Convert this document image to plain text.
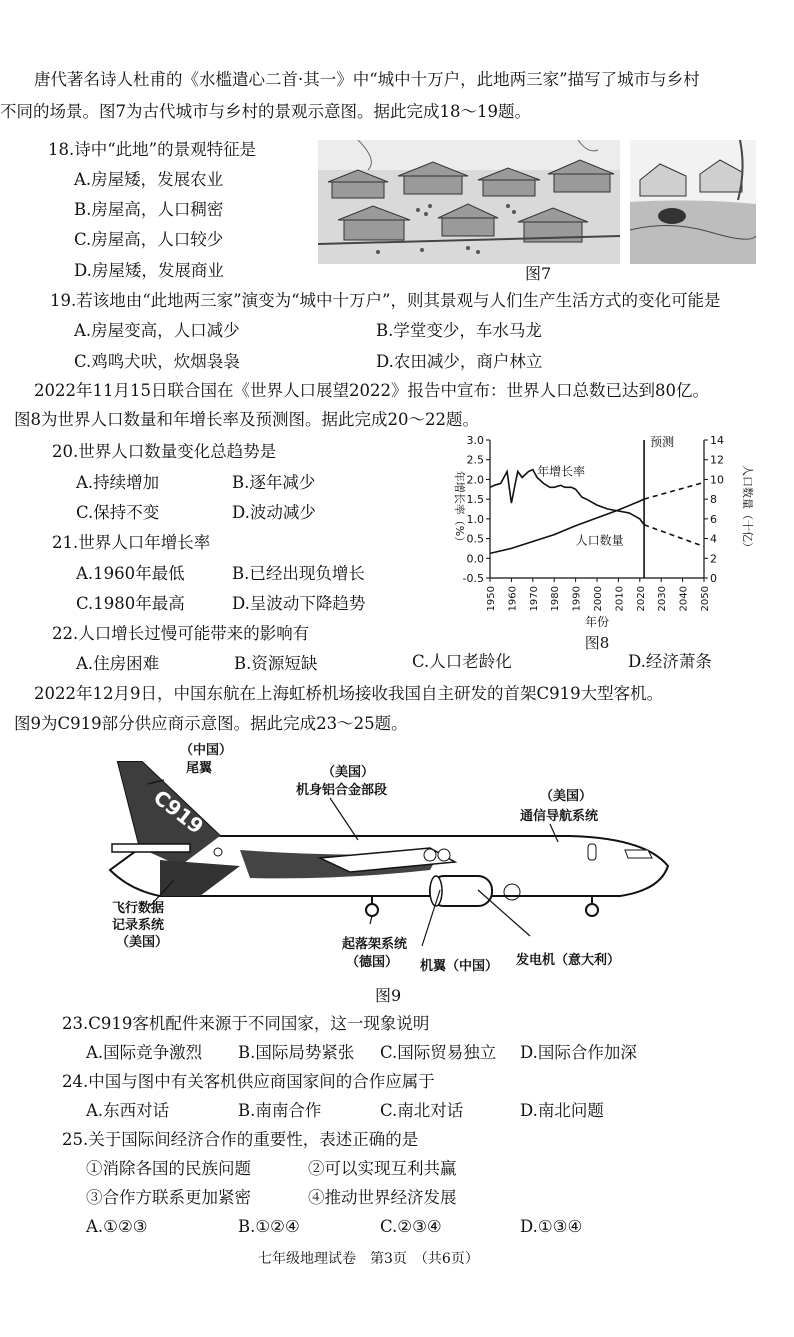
唐代著名诗人杜甫的《水槛遣心二首·其一》中“城中十万户，此地两三家”描写了城市与乡村
不同的场景。图7为古代城市与乡村的景观示意图。据此完成18～19题。
18.诗中“此地”的景观特征是
A.房屋矮，发展农业
B.房屋高，人口稠密
C.房屋高，人口较少
D.房屋矮，发展商业	图7
19.若该地由“此地两三家”演变为“城中十万户”，则其景观与人们生产生活方式的变化可能是
A.房屋变高，人口减少	B.学堂变少，车水马龙
C.鸡鸣犬吠，炊烟袅袅	D.农田减少，商户林立
2022年11月15日联合国在《世界人口展望2022》报告中宣布：世界人口总数已达到80亿。
图8为世界人口数量和年增长率及预测图。据此完成20～22题。
20.世界人口数量变化总趋势是
A.持续增加	B.逐年减少
C.保持不变	D.波动减少
21.世界人口年增长率
A.1960年最低	B.已经出现负增长
C.1980年最高	D.呈波动下降趋势
22.人口增长过慢可能带来的影响有
A.住房困难	B.资源短缺	C.人口老龄化	D.经济萧条
-0.5
0.0
0.5
1.0
1.5
2.0
2.5
3.0
0
2
4
6
8
10
12
14
1950 1960 1970 1980 1990 2000 2010 2020 2030 2040 2050
预测
年增长率
人口数量
年增长率（%）	人口数量（十亿）
年份
图8
2022年12月9日，中国东航在上海虹桥机场接收我国自主研发的首架C919大型客机。
图9为C919部分供应商示意图。据此完成23～25题。
C919
（中国）
尾翼	（美国）
机身铝合金部段	（美国）
通信导航系统
飞行数据
记录系统
（美国）	起落架系统
（德国） 机翼（中国） 发电机（意大利）
图9
23.C919客机配件来源于不同国家，这一现象说明
A.国际竞争激烈 B.国际局势紧张 C.国际贸易独立 D.国际合作加深
24.中国与图中有关客机供应商国家间的合作应属于
A.东西对话	B.南南合作	C.南北对话	D.南北问题
25.关于国际间经济合作的重要性，表述正确的是
①消除各国的民族问题	②可以实现互利共赢
③合作方联系更加紧密	④推动世界经济发展
A.①②③	B.①②④	C.②③④	D.①③④
七年级地理试卷　第3页　（共6页）
